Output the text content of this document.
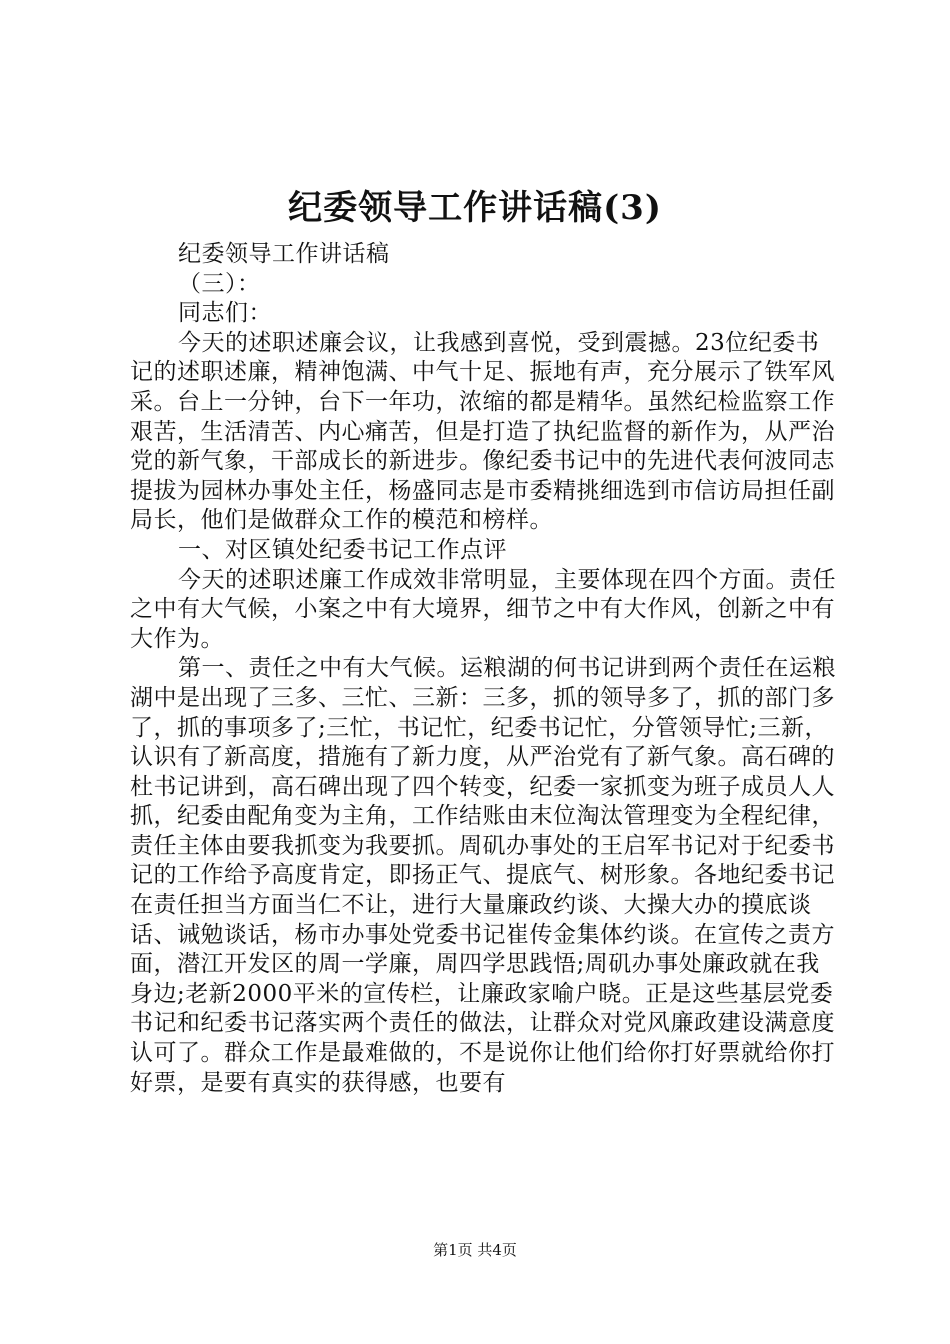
纪委领导工作讲话稿(3)

纪委领导工作讲话稿

（三）：

同志们：

今天的述职述廉会议，让我感到喜悦，受到震撼。23位纪委书记的述职述廉，精神饱满、中气十足、振地有声，充分展示了铁军风采。台上一分钟，台下一年功，浓缩的都是精华。虽然纪检监察工作艰苦，生活清苦、内心痛苦，但是打造了执纪监督的新作为，从严治党的新气象，干部成长的新进步。像纪委书记中的先进代表何波同志提拔为园林办事处主任，杨盛同志是市委精挑细选到市信访局担任副局长，他们是做群众工作的模范和榜样。

一、对区镇处纪委书记工作点评

今天的述职述廉工作成效非常明显，主要体现在四个方面。责任之中有大气候，小案之中有大境界，细节之中有大作风，创新之中有大作为。

第一、责任之中有大气候。运粮湖的何书记讲到两个责任在运粮湖中是出现了三多、三忙、三新：三多，抓的领导多了，抓的部门多了，抓的事项多了;三忙，书记忙，纪委书记忙，分管领导忙;三新，认识有了新高度，措施有了新力度，从严治党有了新气象。高石碑的杜书记讲到，高石碑出现了四个转变，纪委一家抓变为班子成员人人抓，纪委由配角变为主角，工作结账由末位淘汰管理变为全程纪律，责任主体由要我抓变为我要抓。周矶办事处的王启军书记对于纪委书记的工作给予高度肯定，即扬正气、提底气、树形象。各地纪委书记在责任担当方面当仁不让，进行大量廉政约谈、大操大办的摸底谈话、诫勉谈话，杨市办事处党委书记崔传金集体约谈。在宣传之责方面，潜江开发区的周一学廉，周四学思践悟;周矶办事处廉政就在我身边;老新2000平米的宣传栏，让廉政家喻户晓。正是这些基层党委书记和纪委书记落实两个责任的做法，让群众对党风廉政建设满意度认可了。群众工作是最难做的，不是说你让他们给你打好票就给你打好票，是要有真实的获得感，也要有

第1页 共4页
